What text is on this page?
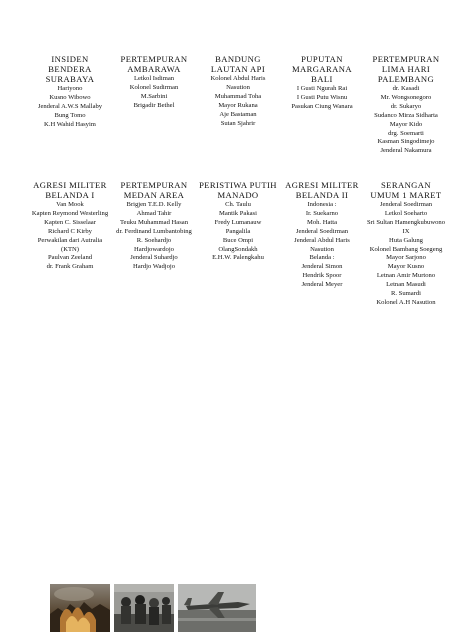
INSIDEN BENDERA SURABAYA
Hariyono
Kusno Wibowo
Jenderal A.W.S Mallaby
Bung Tomo
K.H Wahid Hasyim
PERTEMPURAN AMBARAWA
Letkol Isdiman
Kolonel Sudirman
M.Sarbini
Brigadir Bethel
BANDUNG LAUTAN API
Kolonel Abdul Haris Nasution
Muhammad Toha
Mayor Rukana
Aje Bastaman
Sutan Sjahrir
PUPUTAN MARGARANA BALI
I Gusti Ngurah Rai
I Gusti Putu Wisnu
Pasukan Ciung Wanara
PERTEMPURAN LIMA HARI PALEMBANG
dr. Kasadi
Mr. Wongsonegoro
dr. Sukaryo
Sudanco Mirza Sidharta
Mayor Kido
drg. Soemarti
Kasman Singodimejo
Jenderal Nakamura
AGRESI MILITER BELANDA I
Van Mook
Kapten Reymond Westerling
Kapten C. Sisselaar
Richard C Kirby
Perwakilan dari Autralia (KTN)
Paulvan Zeeland
dr. Frank Graham
PERTEMPURAN MEDAN AREA
Brigjen T.E.D. Kelly
Ahmad Tahir
Teuku Muhammad Hasan
dr. Ferdinand Lumbantobing
R. Soehardjo
Hardjowardojo
Jenderal Suhardjo
Hardjo Wadjojo
PERISTIWA PUTIH MANADO
Ch. Taulu
Mantik Pakasi
Fredy Lumanauw
Pangalila
Buce Ompi
OlangSondakh
E.H.W. Palengkahu
AGRESI MILITER BELANDA II
Indonesia :
Ir. Suekarno
Moh. Hatta
Jenderal Soedirman
Jenderal Abdul Haris Nasution
Belanda :
Jenderal Simon
Hendrik Spoor
Jenderal Meyer
SERANGAN UMUM 1 MARET
Jenderal Soedirman
Letkol Soeharto
Sri Sultan Hamengkubuwono IX
Huta Galung
Kolonel Bambang Soegeng
Mayor Sarjono
Mayor Kusno
Letnan Amir Murtono
Letnan Masudi
R. Sumardi
Kolonel A.H Nasution
